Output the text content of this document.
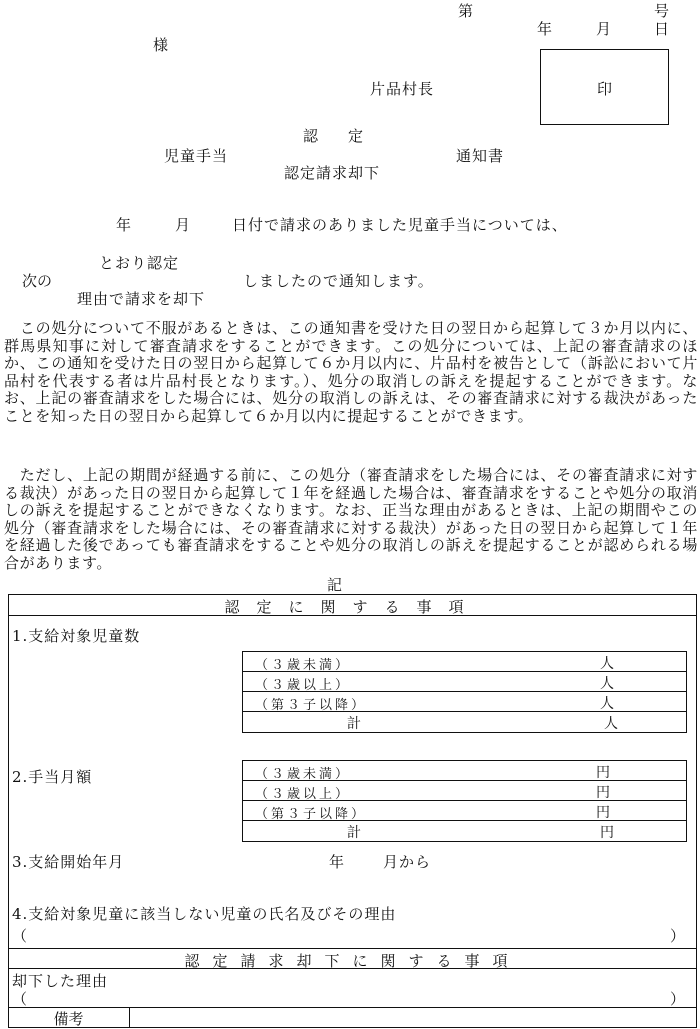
第	号
年	月	日
様
片品村長	印
認　　定
児童手当	通知書
認定請求却下
年	月	日付で請求のありました児童手当については、
とおり認定
次の	しましたので通知します。
理由で請求を却下

　この処分について不服があるときは、この通知書を受けた日の翌日から起算して３か月以内に、群馬県知事に対して審査請求をすることができます。この処分については、上記の審査請求のほか、この通知を受けた日の翌日から起算して６か月以内に、片品村を被告として（訴訟において片品村を代表する者は片品村長となります。）、処分の取消しの訴えを提起することができます。なお、上記の審査請求をした場合には、処分の取消しの訴えは、その審査請求に対する裁決があったことを知った日の翌日から起算して６か月以内に提起することができます。

　ただし、上記の期間が経過する前に、この処分（審査請求をした場合には、その審査請求に対する裁決）があった日の翌日から起算して１年を経過した場合は、審査請求をすることや処分の取消しの訴えを提起することができなくなります。なお、正当な理由があるときは、上記の期間やこの処分（審査請求をした場合には、その審査請求に対する裁決）があった日の翌日から起算して１年を経過した後であっても審査請求をすることや処分の取消しの訴えを提起することが認められる場合があります。

記
認定に関する事項
1.支給対象児童数
（３歳未満）	人
（３歳以上）	人
（第３子以降）	人
計	人
2.手当月額	（３歳未満）	円
（３歳以上）	円
（第３子以降）	円
計	円
3.支給開始年月	年	月から
4.支給対象児童に該当しない児童の氏名及びその理由
（	）
認定請求却下に関する事項
却下した理由
（	）
備考
